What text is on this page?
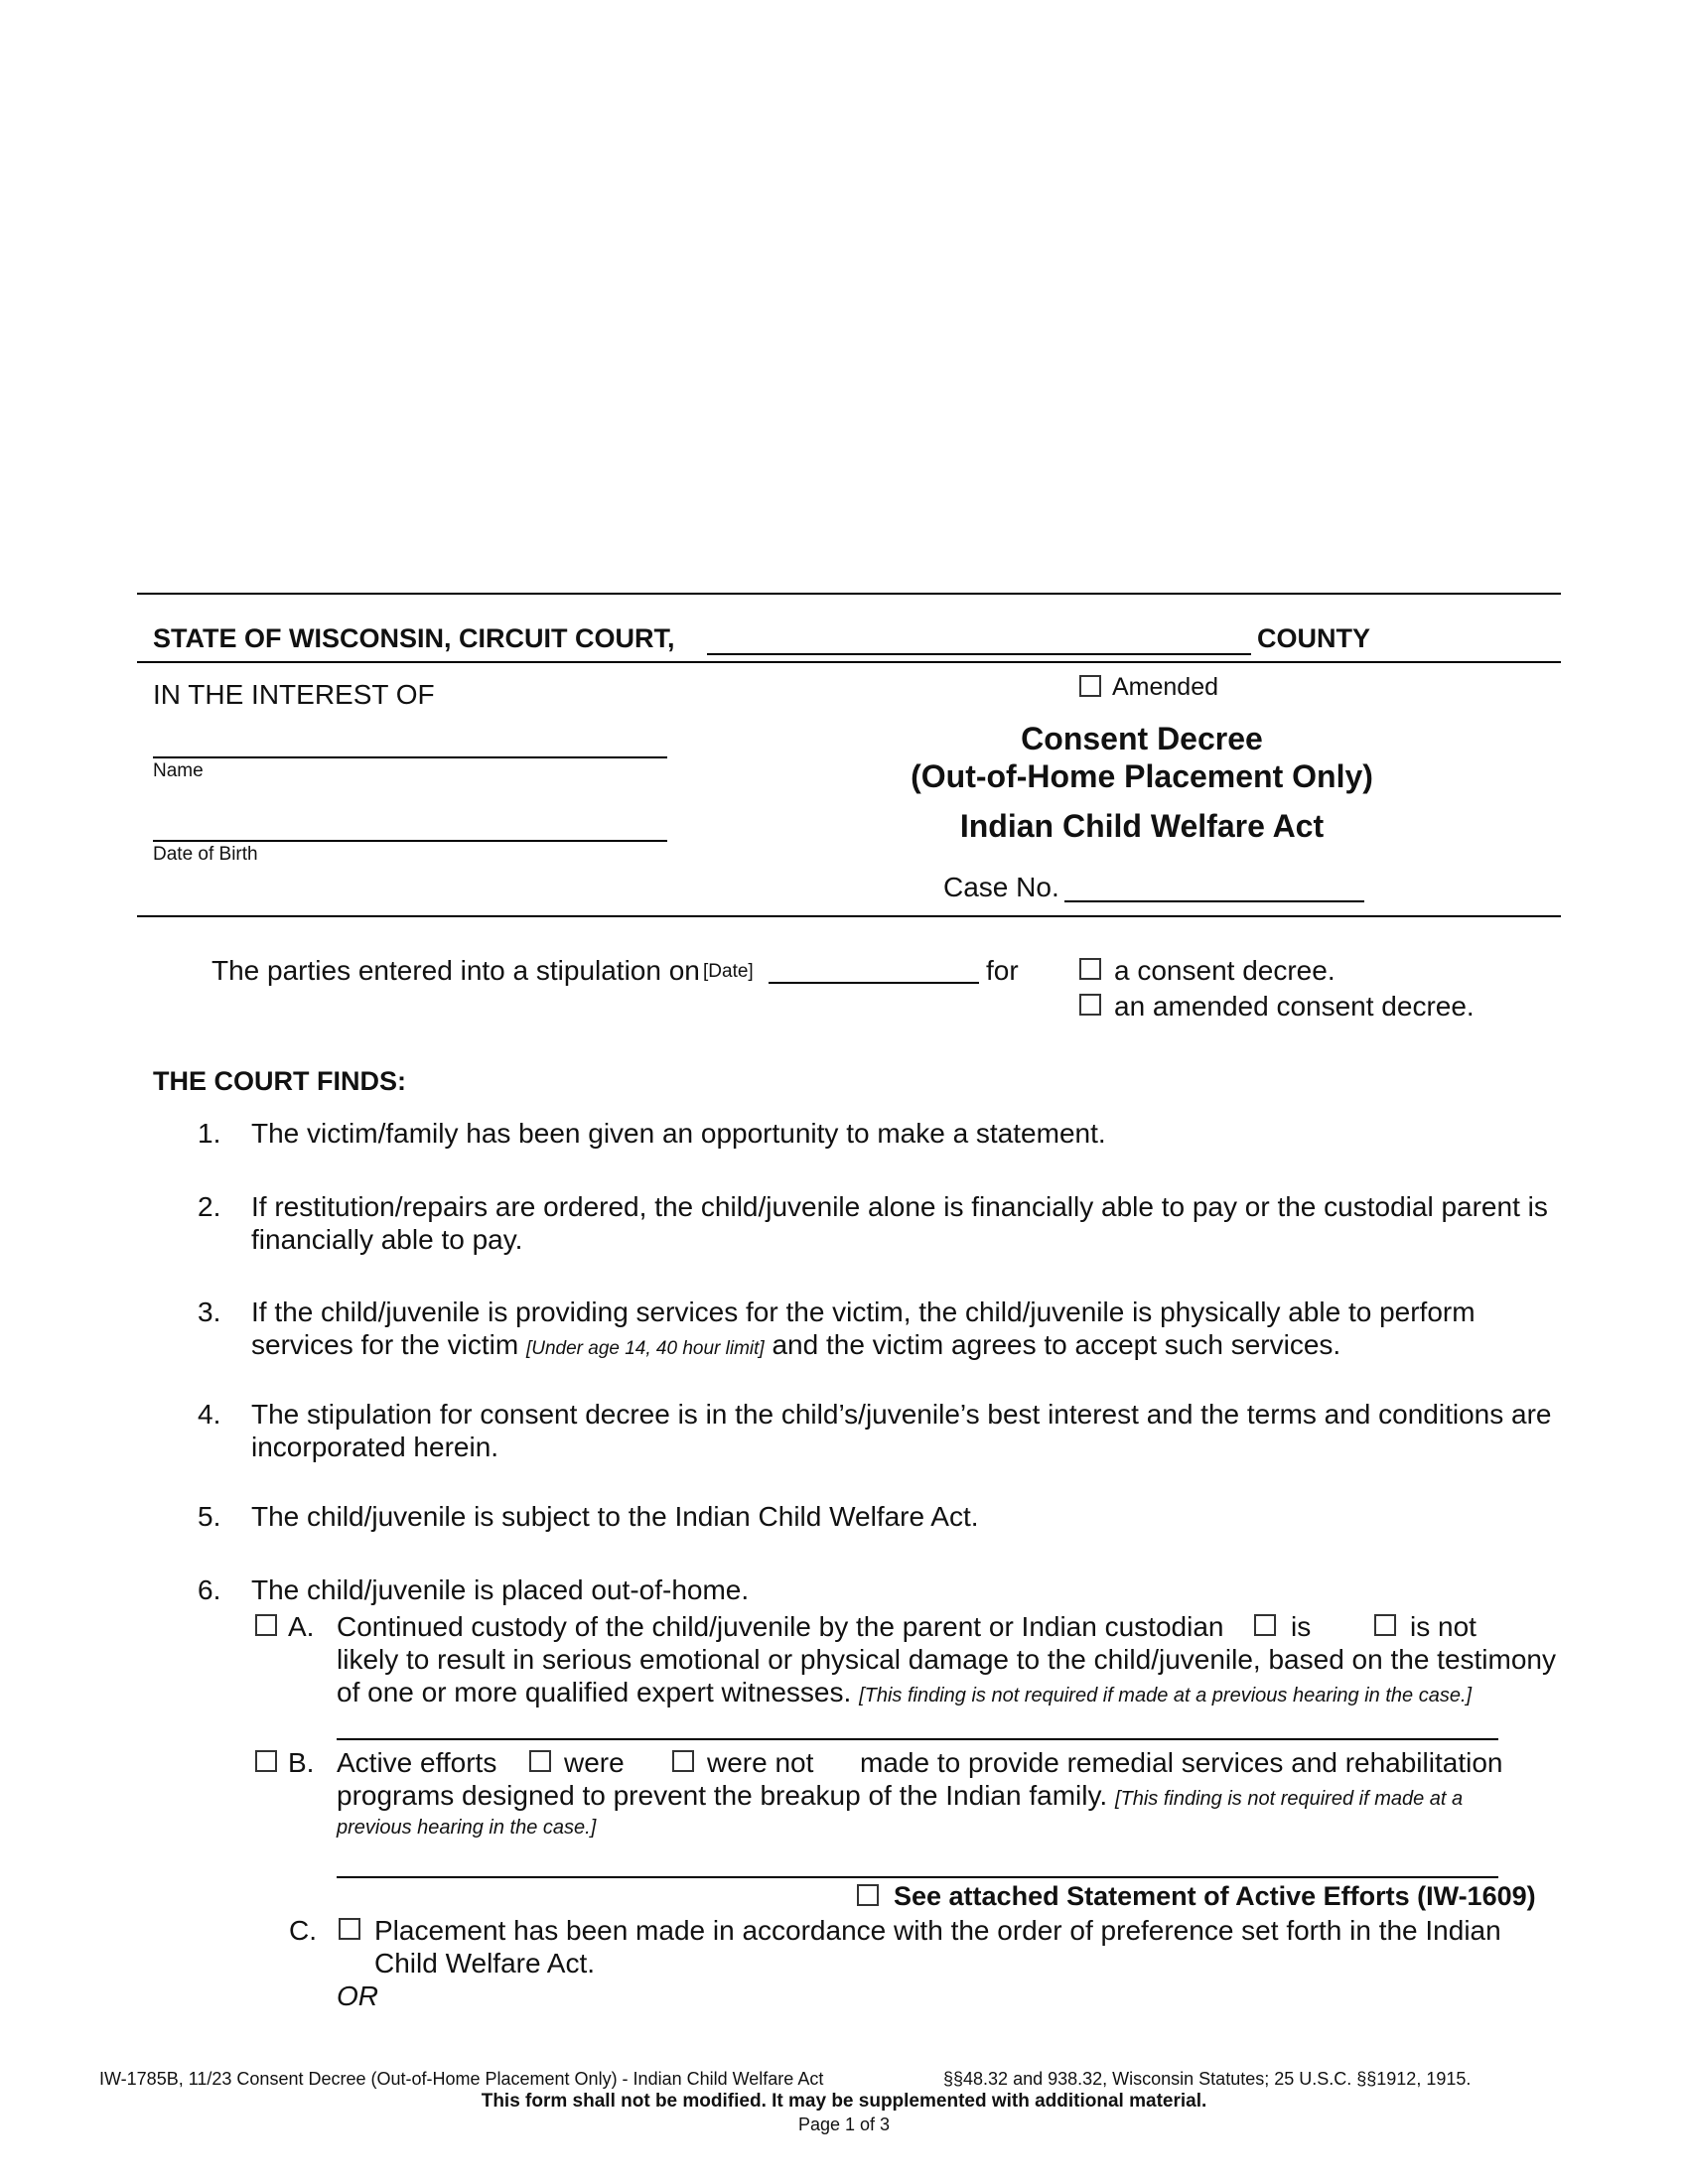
STATE OF WISCONSIN, CIRCUIT COURT,	COUNTY
IN THE INTEREST OF
Name
Date of Birth
Amended
Consent Decree
(Out-of-Home Placement Only)
Indian Child Welfare Act
Case No.
The parties entered into a stipulation on [Date]	for	a consent decree.
an amended consent decree.
THE COURT FINDS:
1. The victim/family has been given an opportunity to make a statement.
2. If restitution/repairs are ordered, the child/juvenile alone is financially able to pay or the custodial parent is
financially able to pay.
3. If the child/juvenile is providing services for the victim, the child/juvenile is physically able to perform
services for the victim [Under age 14, 40 hour limit] and the victim agrees to accept such services.
4. The stipulation for consent decree is in the child’s/juvenile’s best interest and the terms and conditions are
incorporated herein.
5. The child/juvenile is subject to the Indian Child Welfare Act.
6. The child/juvenile is placed out-of-home.
A. Continued custody of the child/juvenile by the parent or Indian custodian is	is not
likely to result in serious emotional or physical damage to the child/juvenile, based on the testimony
of one or more qualified expert witnesses. [This finding is not required if made at a previous hearing in the case.]
B. Active efforts were	were not made to provide remedial services and rehabilitation
programs designed to prevent the breakup of the Indian family. [This finding is not required if made at a
previous hearing in the case.]
See attached Statement of Active Efforts (IW-1609)
C. Placement has been made in accordance with the order of preference set forth in the Indian
Child Welfare Act.
OR
IW-1785B, 11/23 Consent Decree (Out-of-Home Placement Only) - Indian Child Welfare Act	§§48.32 and 938.32, Wisconsin Statutes; 25 U.S.C. §§1912, 1915.
This form shall not be modified. It may be supplemented with additional material.
Page 1 of 3
